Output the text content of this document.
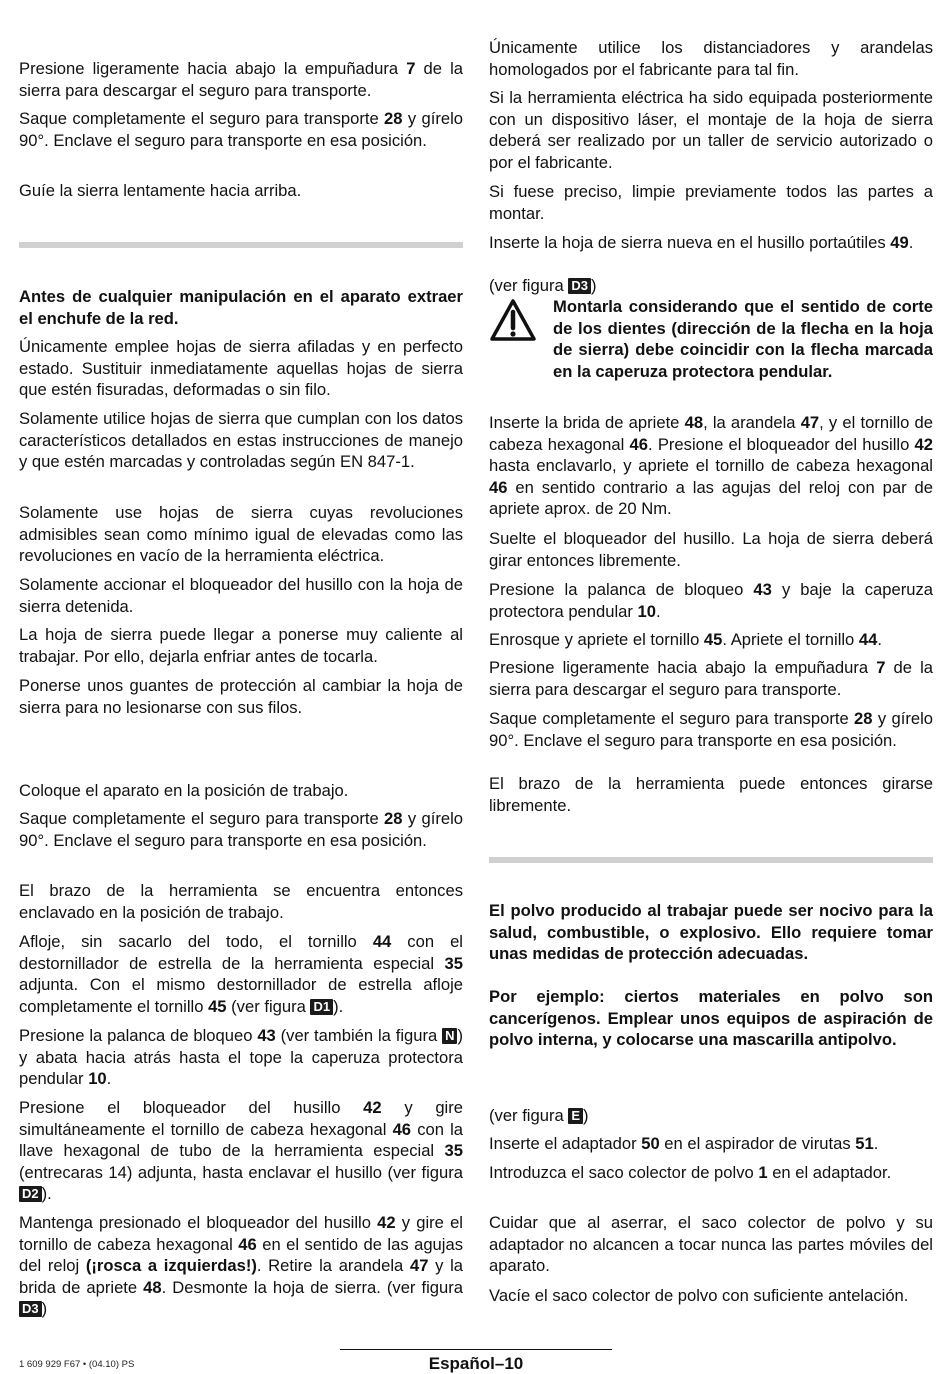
Presione ligeramente hacia abajo la empuñadura 7 de la sierra para descargar el seguro para transporte.

Saque completamente el seguro para transporte 28 y gírelo 90°. Enclave el seguro para transporte en esa posición.

Guíe la sierra lentamente hacia arriba.

Antes de cualquier manipulación en el aparato extraer el enchufe de la red.

Únicamente emplee hojas de sierra afiladas y en perfecto estado. Sustituir inmediatamente aquellas hojas de sierra que estén fisuradas, deformadas o sin filo.

Solamente utilice hojas de sierra que cumplan con los datos característicos detallados en estas instrucciones de manejo y que estén marcadas y controladas según EN 847-1.

Solamente use hojas de sierra cuyas revoluciones admisibles sean como mínimo igual de elevadas como las revoluciones en vacío de la herramienta eléctrica.

Solamente accionar el bloqueador del husillo con la hoja de sierra detenida.

La hoja de sierra puede llegar a ponerse muy caliente al trabajar. Por ello, dejarla enfriar antes de tocarla.

Ponerse unos guantes de protección al cambiar la hoja de sierra para no lesionarse con sus filos.

Coloque el aparato en la posición de trabajo.

Saque completamente el seguro para transporte 28 y gírelo 90°. Enclave el seguro para transporte en esa posición.

El brazo de la herramienta se encuentra entonces enclavado en la posición de trabajo.

Afloje, sin sacarlo del todo, el tornillo 44 con el destornillador de estrella de la herramienta especial 35 adjunta. Con el mismo destornillador de estrella afloje completamente el tornillo 45 (ver figura D1 ).

Presione la palanca de bloqueo 43 (ver también la figura N ) y abata hacia atrás hasta el tope la caperuza protectora pendular 10.

Presione el bloqueador del husillo 42 y gire simultáneamente el tornillo de cabeza hexagonal 46 con la llave hexagonal de tubo de la herramienta especial 35 (entrecaras 14) adjunta, hasta enclavar el husillo (ver figura D2 ).

Mantenga presionado el bloqueador del husillo 42 y gire el tornillo de cabeza hexagonal 46 en el sentido de las agujas del reloj (¡rosca a izquierdas!). Retire la arandela 47 y la brida de apriete 48. Desmonte la hoja de sierra. (ver figura D3 )

Únicamente utilice los distanciadores y arandelas homologados por el fabricante para tal fin.

Si la herramienta eléctrica ha sido equipada posteriormente con un dispositivo láser, el montaje de la hoja de sierra deberá ser realizado por un taller de servicio autorizado o por el fabricante.

Si fuese preciso, limpie previamente todos las partes a montar.

Inserte la hoja de sierra nueva en el husillo portaútiles 49.

(ver figura D3 )

Montarla considerando que el sentido de corte de los dientes (dirección de la flecha en la hoja de sierra) debe coincidir con la flecha marcada en la caperuza protectora pendular.

Inserte la brida de apriete 48, la arandela 47, y el tornillo de cabeza hexagonal 46. Presione el bloqueador del husillo 42 hasta enclavarlo, y apriete el tornillo de cabeza hexagonal 46 en sentido contrario a las agujas del reloj con par de apriete aprox. de 20 Nm.

Suelte el bloqueador del husillo. La hoja de sierra deberá girar entonces libremente.

Presione la palanca de bloqueo 43 y baje la caperuza protectora pendular 10.

Enrosque y apriete el tornillo 45. Apriete el tornillo 44.

Presione ligeramente hacia abajo la empuñadura 7 de la sierra para descargar el seguro para transporte.

Saque completamente el seguro para transporte 28 y gírelo 90°. Enclave el seguro para transporte en esa posición.

El brazo de la herramienta puede entonces girarse libremente.

El polvo producido al trabajar puede ser nocivo para la salud, combustible, o explosivo. Ello requiere tomar unas medidas de protección adecuadas.

Por ejemplo: ciertos materiales en polvo son cancerígenos. Emplear unos equipos de aspiración de polvo interna, y colocarse una mascarilla antipolvo.

(ver figura E )

Inserte el adaptador 50 en el aspirador de virutas 51.

Introduzca el saco colector de polvo 1 en el adaptador.

Cuidar que al aserrar, el saco colector de polvo y su adaptador no alcancen a tocar nunca las partes móviles del aparato.

Vacíe el saco colector de polvo con suficiente antelación.

1 609 929 F67 • (04.10) PS	Español–10
